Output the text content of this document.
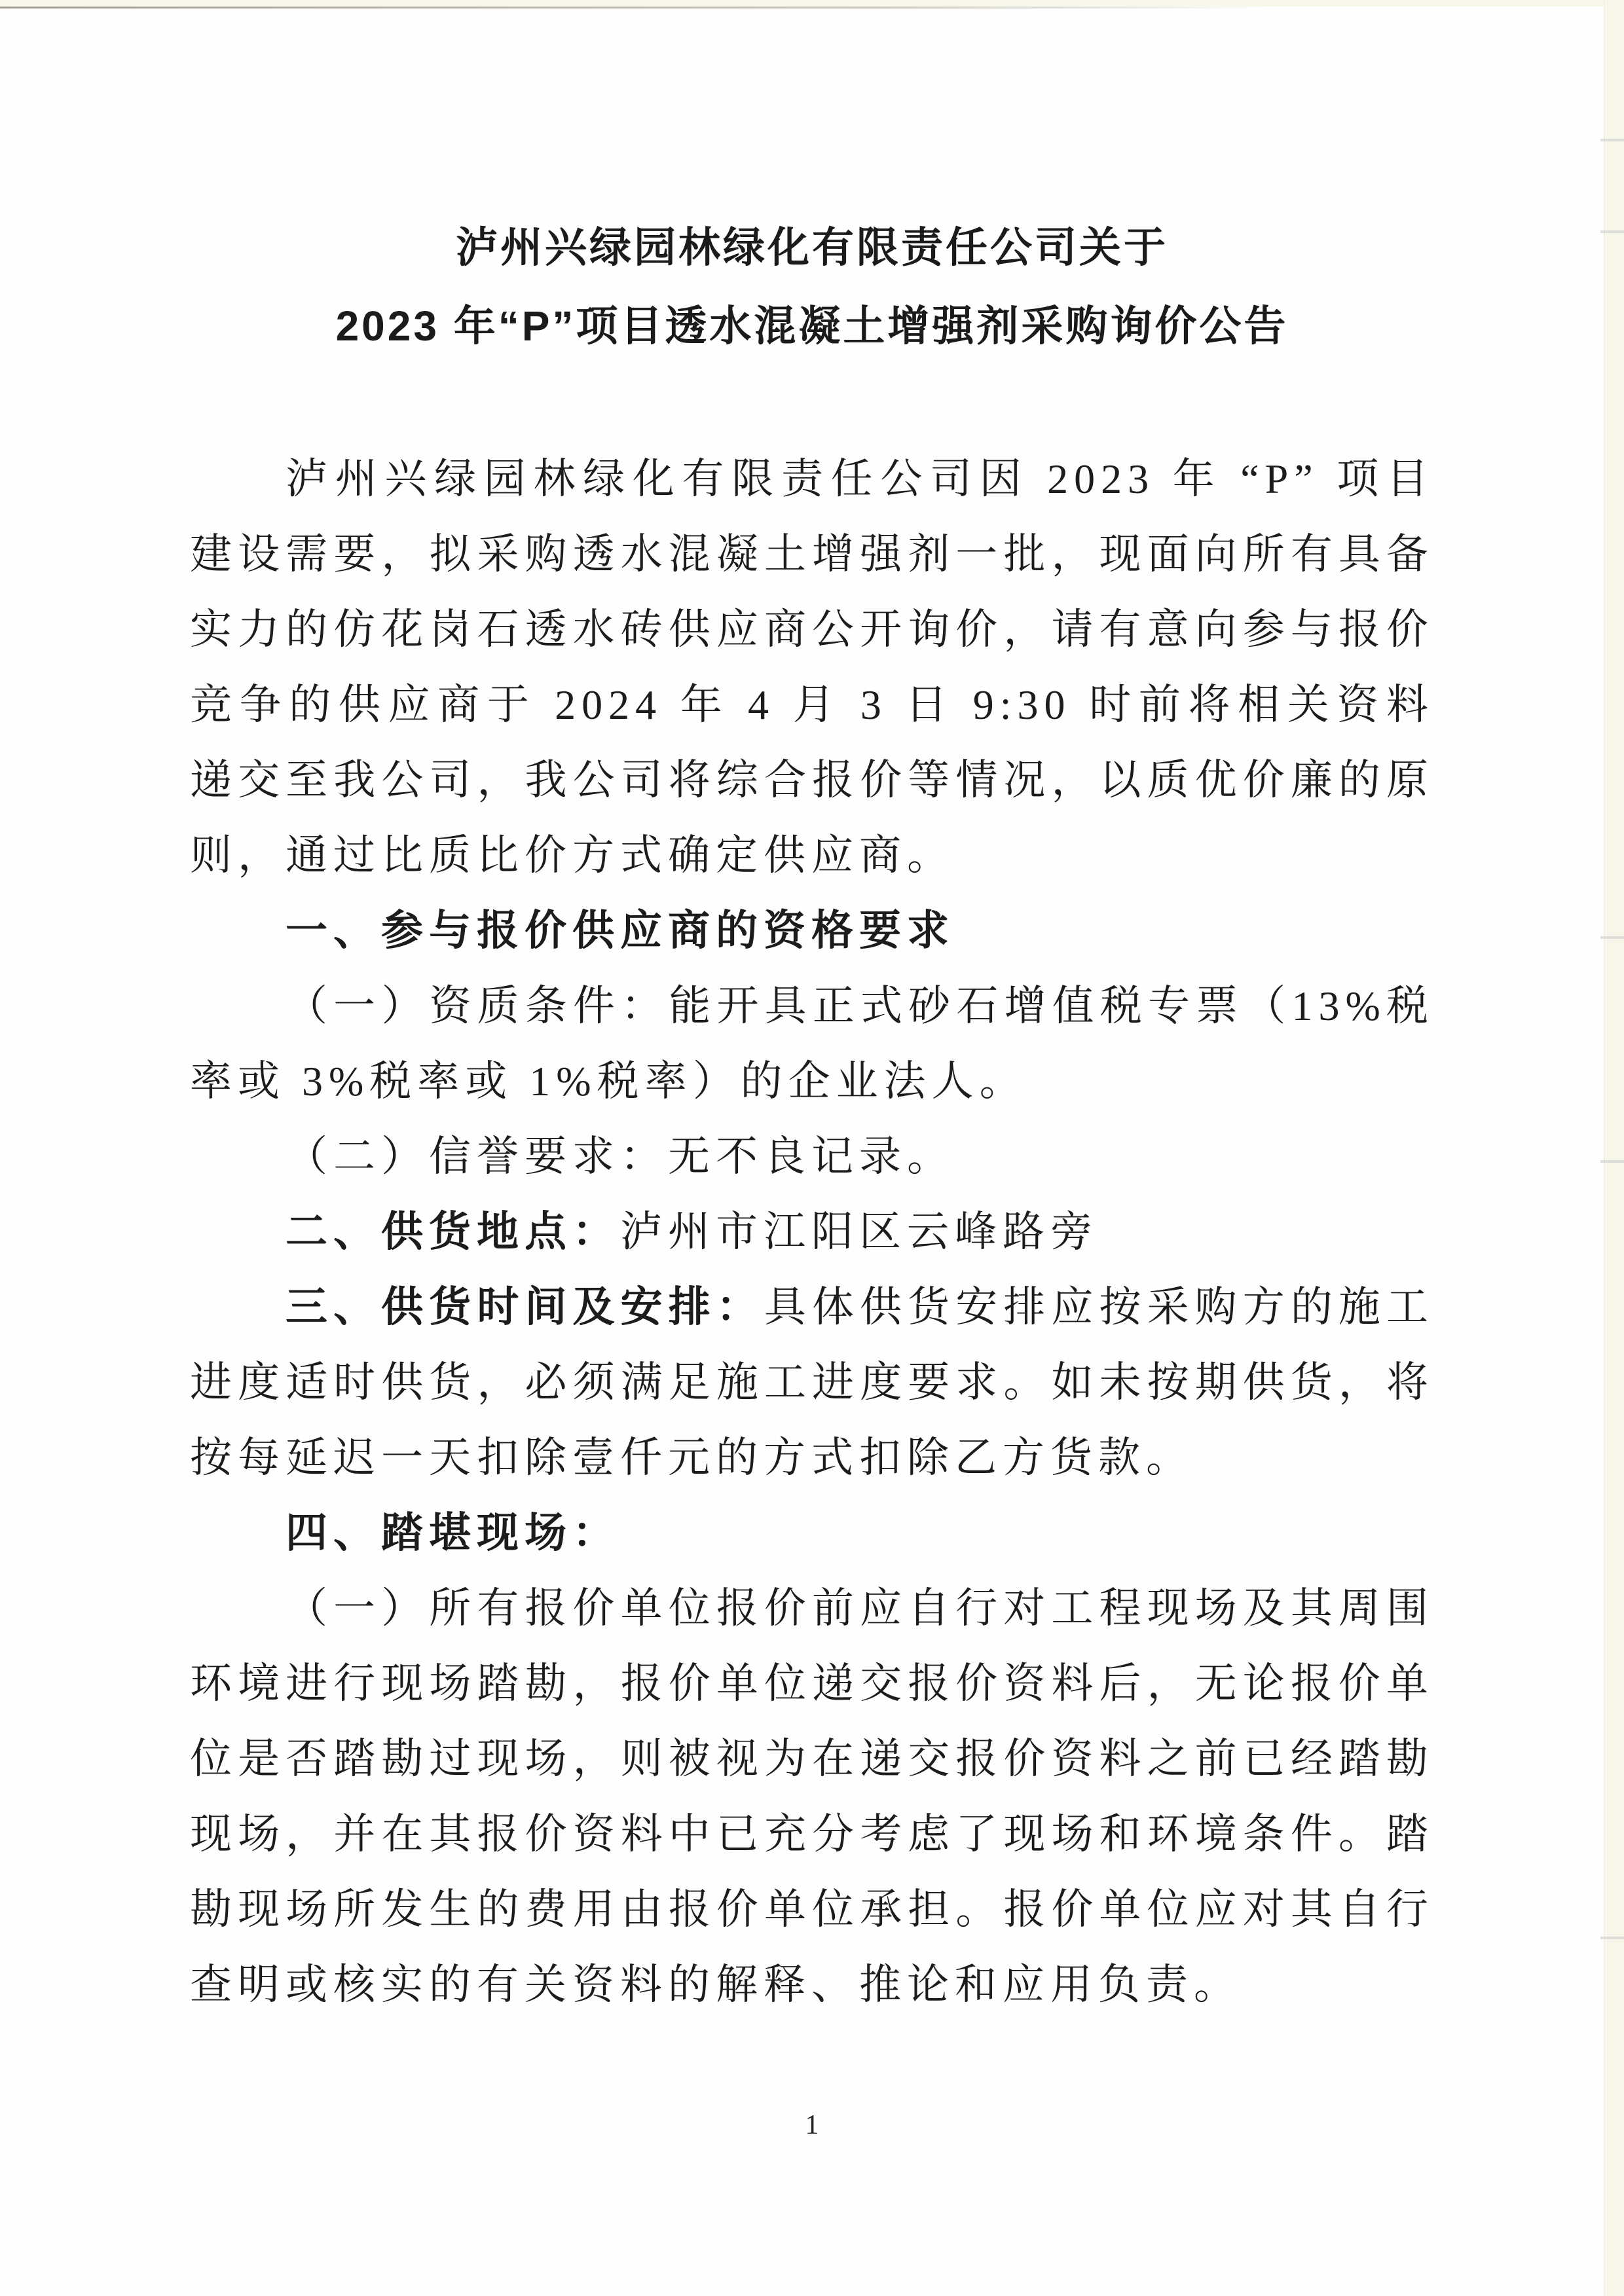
泸州兴绿园林绿化有限责任公司关于
2023 年“P”项目透水混凝土增强剂采购询价公告

泸州兴绿园林绿化有限责任公司因 2023 年 “P” 项目建设需要，拟采购透水混凝土增强剂一批，现面向所有具备实力的仿花岗石透水砖供应商公开询价，请有意向参与报价竞争的供应商于 2024 年 4 月 3 日 9:30 时前将相关资料递交至我公司，我公司将综合报价等情况，以质优价廉的原则，通过比质比价方式确定供应商。

一、参与报价供应商的资格要求

（一）资质条件：能开具正式砂石增值税专票（13%税率或 3%税率或 1%税率）的企业法人。

（二）信誉要求：无不良记录。

二、供货地点：泸州市江阳区云峰路旁

三、供货时间及安排：具体供货安排应按采购方的施工进度适时供货，必须满足施工进度要求。如未按期供货，将按每延迟一天扣除壹仟元的方式扣除乙方货款。

四、踏堪现场：

（一）所有报价单位报价前应自行对工程现场及其周围环境进行现场踏勘，报价单位递交报价资料后，无论报价单位是否踏勘过现场，则被视为在递交报价资料之前已经踏勘现场，并在其报价资料中已充分考虑了现场和环境条件。踏勘现场所发生的费用由报价单位承担。报价单位应对其自行查明或核实的有关资料的解释、推论和应用负责。

1
